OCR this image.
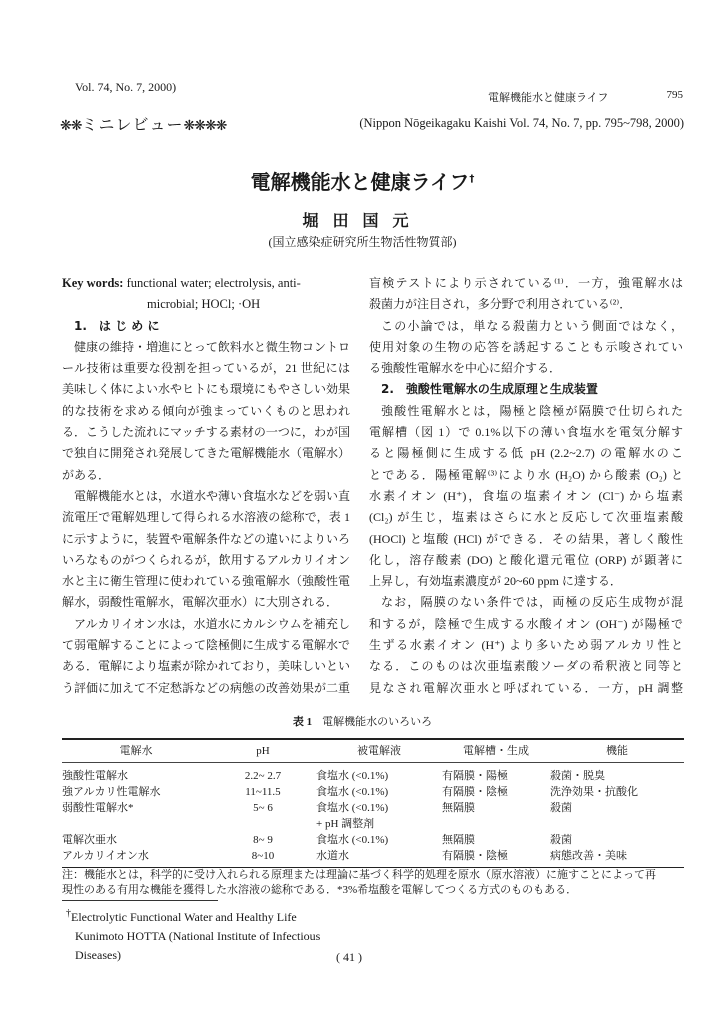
Vol. 74, No. 7, 2000)
電解機能水と健康ライフ	795
❋❋ミニレビュー❋❋❋❋	(Nippon Nōgeikagaku Kaishi Vol. 74, No. 7, pp. 795~798, 2000)
電解機能水と健康ライフ†
堀田国元
(国立感染症研究所生物活性物質部)
Key words: functional water; electrolysis, anti-
microbial; HOCl; ·OH
1.　は じ め に
健康の維持・増進にとって飲料水と微生物コントロ
ール技術は重要な役割を担っているが，21 世紀には
美味しく体によい水やヒトにも環境にもやさしい効果
的な技術を求める傾向が強まっていくものと思われ
る．こうした流れにマッチする素材の一つに，わが国
で独自に開発され発展してきた電解機能水（電解水）
がある．
電解機能水とは，水道水や薄い食塩水などを弱い直
流電圧で電解処理して得られる水溶液の総称で，表 1
に示すように，装置や電解条件などの違いによりいろ
いろなものがつくられるが，飲用するアルカリイオン
水と主に衛生管理に使われている強電解水（強酸性電
解水，弱酸性電解水，電解次亜水）に大別される．
アルカリイオン水は，水道水にカルシウムを補充し
て弱電解することによって陰極側に生成する電解水で
ある．電解により塩素が除かれており，美味しいとい
う評価に加えて不定愁訴などの病態の改善効果が二重
盲検テストにより示されている⁽¹⁾．一方，強電解水は
殺菌力が注目され，多分野で利用されている⁽²⁾．
この小論では，単なる殺菌力という側面ではなく，
使用対象の生物の応答を誘起することも示唆されてい
る強酸性電解水を中心に紹介する．
2.　強酸性電解水の生成原理と生成装置
強酸性電解水とは，陽極と陰極が隔膜で仕切られた
電解槽（図 1）で 0.1%以下の薄い食塩水を電気分解す
ると陽極側に生成する低 pH (2.2~2.7) の電解水のこ
とである．陽極電解⁽³⁾により水 (H₂O) から酸素 (O₂) と
水素イオン (H⁺)，食塩の塩素イオン (Cl⁻) から塩素
(Cl₂) が生じ，塩素はさらに水と反応して次亜塩素酸
(HOCl) と塩酸 (HCl) ができる．その結果，著しく酸性
化し，溶存酸素 (DO) と酸化還元電位 (ORP) が顕著に
上昇し，有効塩素濃度が 20~60 ppm に達する．
なお，隔膜のない条件では，両極の反応生成物が混
和するが，陰極で生成する水酸イオン (OH⁻) が陽極で
生ずる水素イオン (H⁺) より多いため弱アルカリ性と
なる．このものは次亜塩素酸ソーダの希釈液と同等と
見なされ電解次亜水と呼ばれている．一方，pH 調整
表 1 電解機能水のいろいろ
電解水	pH	被電解液	電解槽・生成	機能
強酸性電解水	2.2~ 2.7	食塩水 (<0.1%)	有隔膜・陽極	殺菌・脱臭
強アルカリ性電解水	11~11.5	食塩水 (<0.1%)	有隔膜・陰極	洗浄効果・抗酸化
弱酸性電解水*	5~ 6	食塩水 (<0.1%)	無隔膜	殺菌
		+ pH 調整剤		
電解次亜水	8~ 9	食塩水 (<0.1%)	無隔膜	殺菌
アルカリイオン水	8~10	水道水	有隔膜・陰極	病態改善・美味
注：機能水とは，科学的に受け入れられる原理または理論に基づく科学的処理を原水（原水溶液）に施すことによって再
現性のある有用な機能を獲得した水溶液の総称である．*3%希塩酸を電解してつくる方式のものもある．
†Electrolytic Functional Water and Healthy Life
Kunimoto HOTTA (National Institute of Infectious
Diseases)	( 41 )
